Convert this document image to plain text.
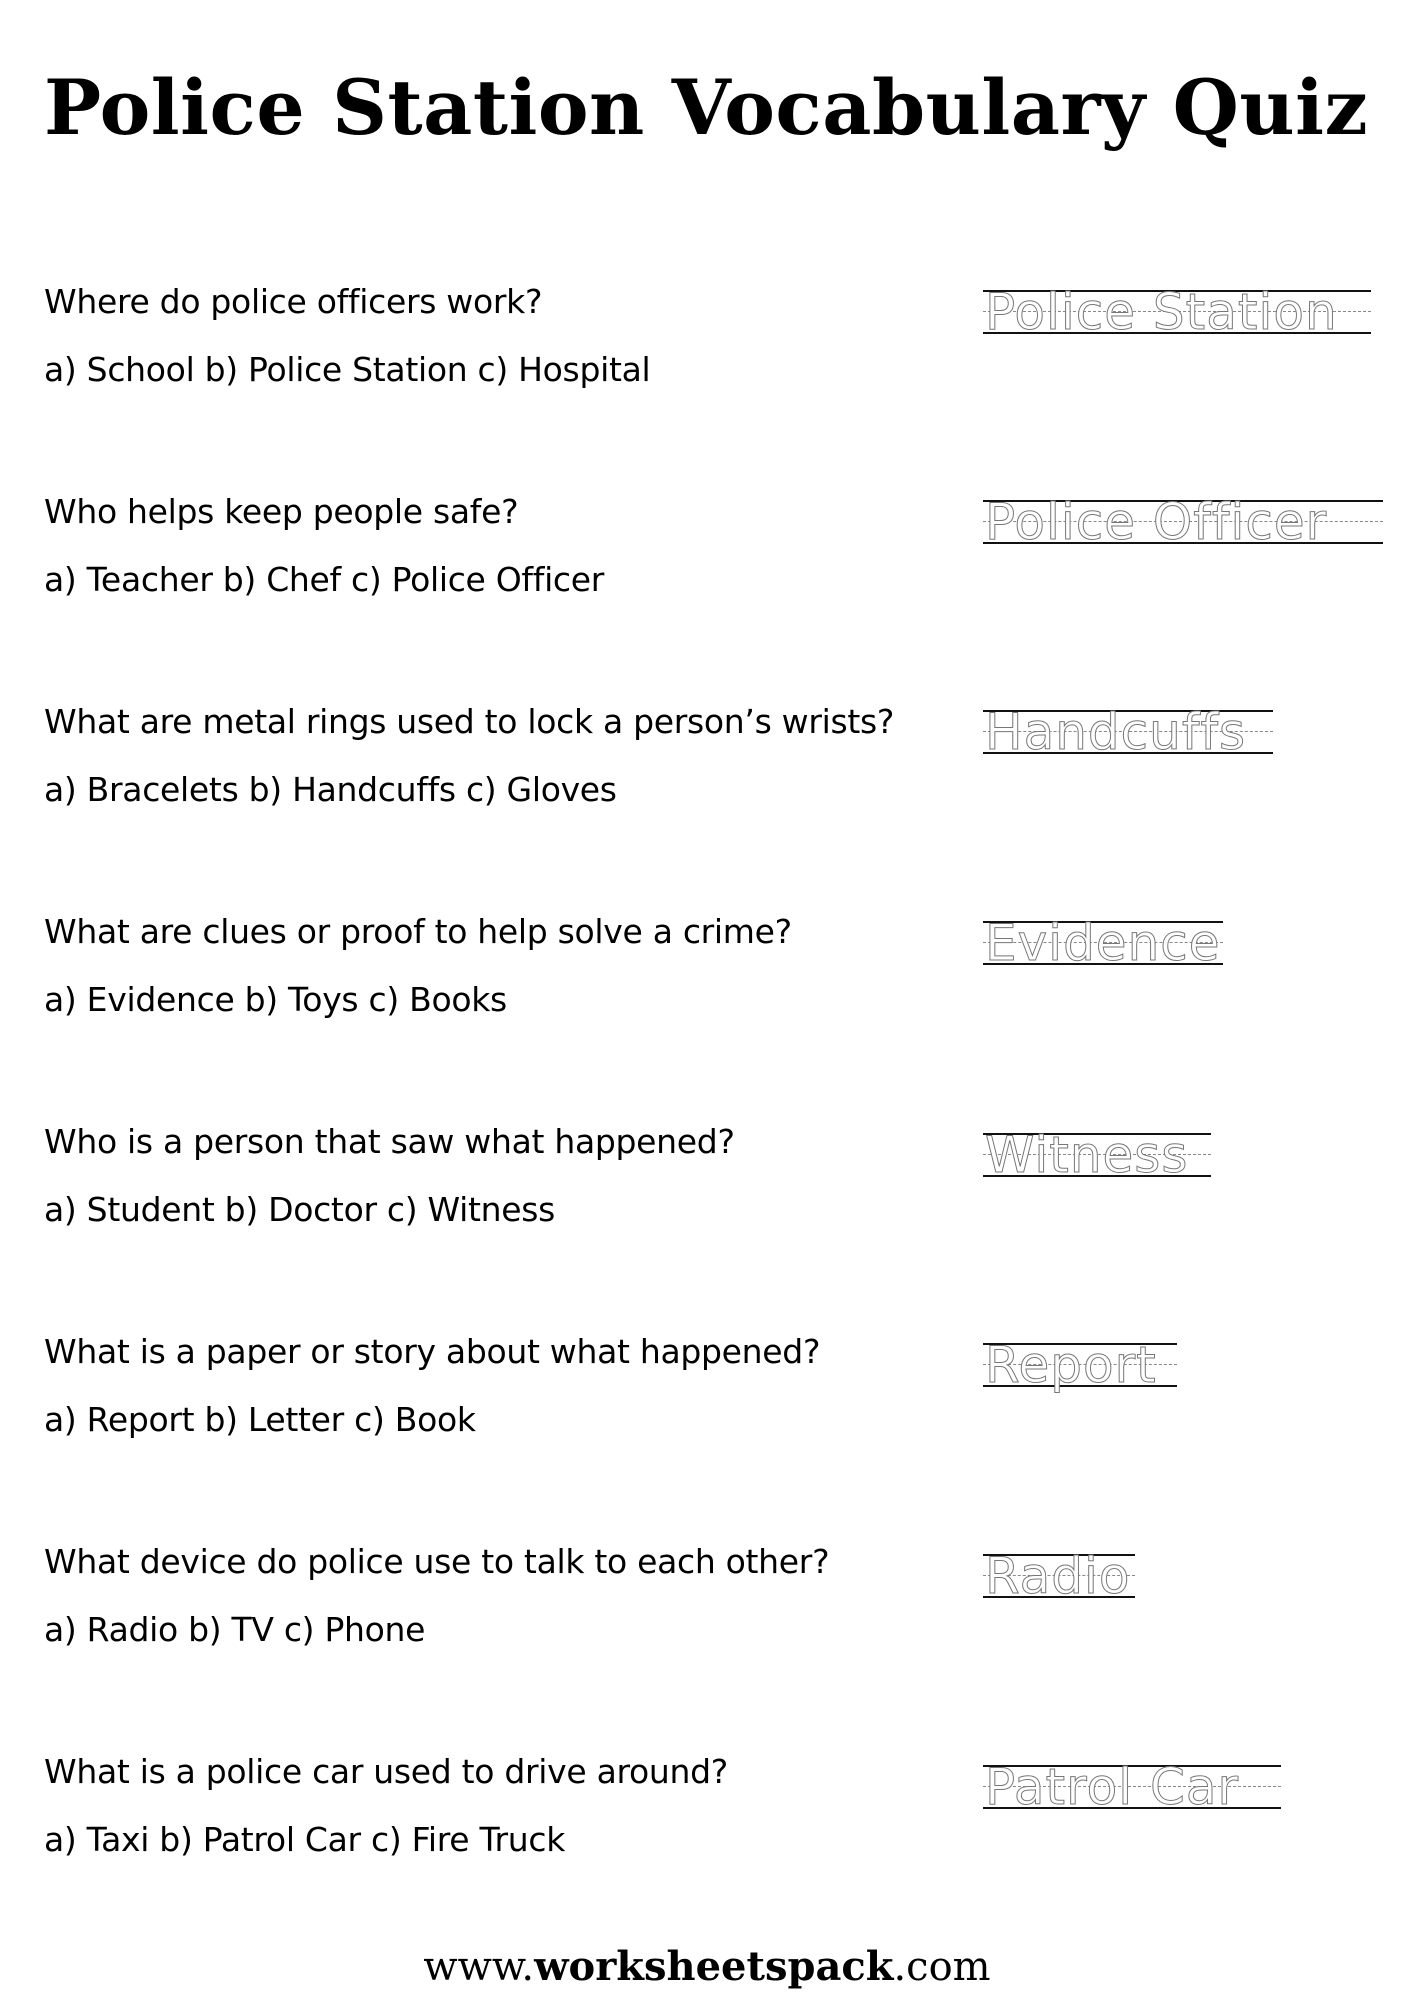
Police Station Vocabulary Quiz
Where do police officers work?
a) School b) Police Station c) Hospital
Police Station
Who helps keep people safe?
a) Teacher b) Chef c) Police Officer
Police Officer
What are metal rings used to lock a person’s wrists?
a) Bracelets b) Handcuffs c) Gloves
Handcuffs
What are clues or proof to help solve a crime?
a) Evidence b) Toys c) Books
Evidence
Who is a person that saw what happened?
a) Student b) Doctor c) Witness
Witness
What is a paper or story about what happened?
a) Report b) Letter c) Book
Report
What device do police use to talk to each other?
a) Radio b) TV c) Phone
Radio
What is a police car used to drive around?
a) Taxi b) Patrol Car c) Fire Truck
Patrol Car
www.worksheetspack.com
